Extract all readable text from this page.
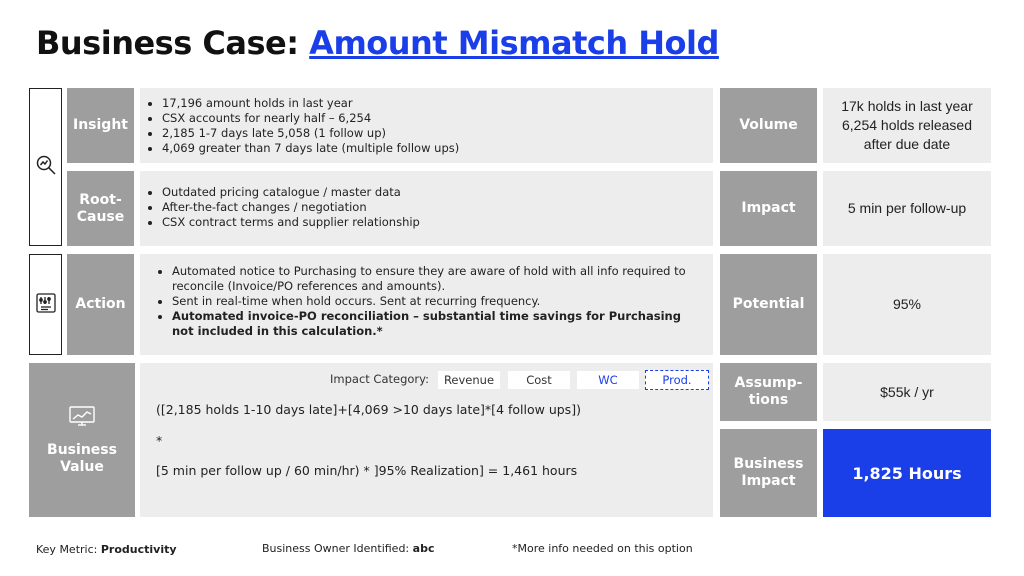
Business Case: Amount Mismatch Hold
Insight
• 17,196 amount holds in last year
• CSX accounts for nearly half – 6,254
• 2,185 1-7 days late 5,058 (1 follow up)
• 4,069 greater than 7 days late (multiple follow ups)
Root-
Cause
• Outdated pricing catalogue / master data
• After-the-fact changes / negotiation
• CSX contract terms and supplier relationship
Action
• Automated notice to Purchasing to ensure they are aware of hold with all info required to reconcile (Invoice/PO references and amounts).
• Sent in real-time when hold occurs. Sent at recurring frequency.
• Automated invoice-PO reconciliation – substantial time savings for Purchasing not included in this calculation.*
Business
Value
Impact Category:	Revenue	Cost	WC	Prod.
([2,185 holds 1-10 days late]+[4,069 >10 days late]*[4 follow ups])
*
[5 min per follow up / 60 min/hr) * ]95% Realization] = 1,461 hours
Volume
17k holds in last year
6,254 holds released
after due date
Impact	5 min per follow-up
Potential	95%
Assump-
tions
$55k / yr
Business
Impact	1,825 Hours
Key Metric: Productivity	Business Owner Identified: abc	*More info needed on this option
